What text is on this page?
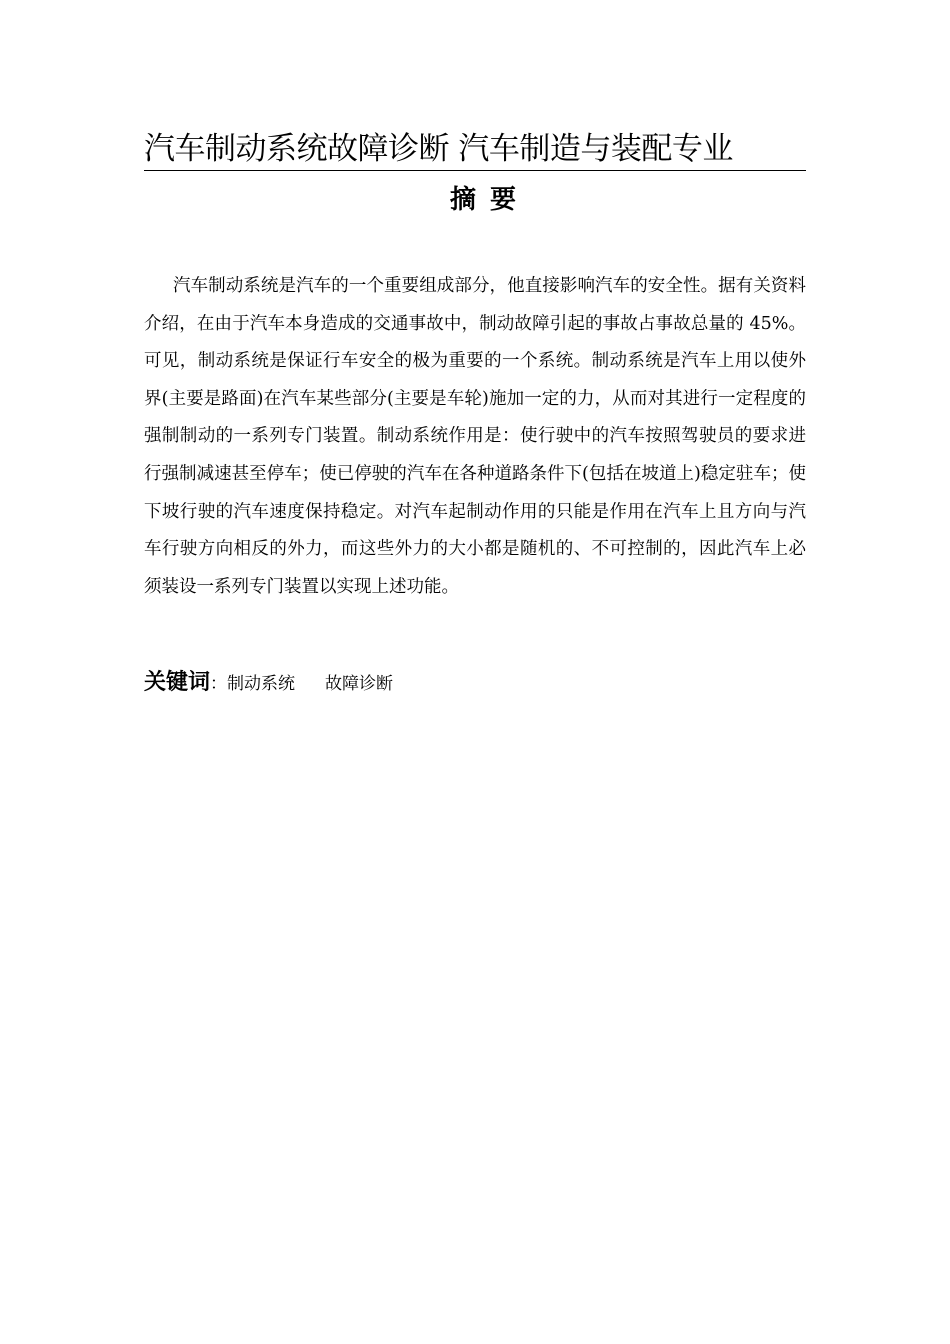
汽车制动系统故障诊断 汽车制造与装配专业
摘要

汽车制动系统是汽车的一个重要组成部分，他直接影响汽车的安全性。据有关资料介绍，在由于汽车本身造成的交通事故中，制动故障引起的事故占事故总量的 45%。可见，制动系统是保证行车安全的极为重要的一个系统。制动系统是汽车上用以使外界(主要是路面)在汽车某些部分(主要是车轮)施加一定的力，从而对其进行一定程度的强制制动的一系列专门装置。制动系统作用是：使行驶中的汽车按照驾驶员的要求进行强制减速甚至停车；使已停驶的汽车在各种道路条件下(包括在坡道上)稳定驻车；使下坡行驶的汽车速度保持稳定。对汽车起制动作用的只能是作用在汽车上且方向与汽车行驶方向相反的外力，而这些外力的大小都是随机的、不可控制的，因此汽车上必须装设一系列专门装置以实现上述功能。

关键词：制动系统 故障诊断
